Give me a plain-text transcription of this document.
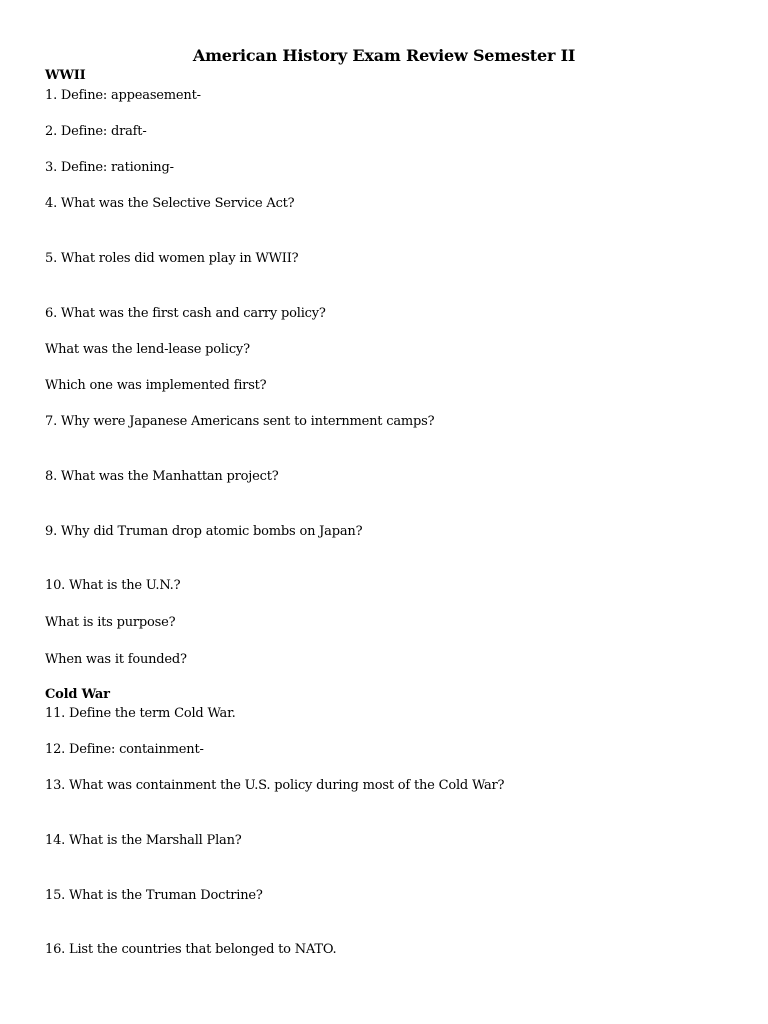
American History Exam Review Semester II
WWII
1. Define: appeasement-
2. Define: draft-
3. Define: rationing-
4. What was the Selective Service Act?
5. What roles did women play in WWII?
6. What was the first cash and carry policy?
What was the lend-lease policy?
Which one was implemented first?
7. Why were Japanese Americans sent to internment camps?
8. What was the Manhattan project?
9. Why did Truman drop atomic bombs on Japan?
10. What is the U.N.?
What is its purpose?
When was it founded?
Cold War
11. Define the term Cold War.
12. Define: containment-
13. What was containment the U.S. policy during most of the Cold War?
14. What is the Marshall Plan?
15. What is the Truman Doctrine?
16. List the countries that belonged to NATO.
